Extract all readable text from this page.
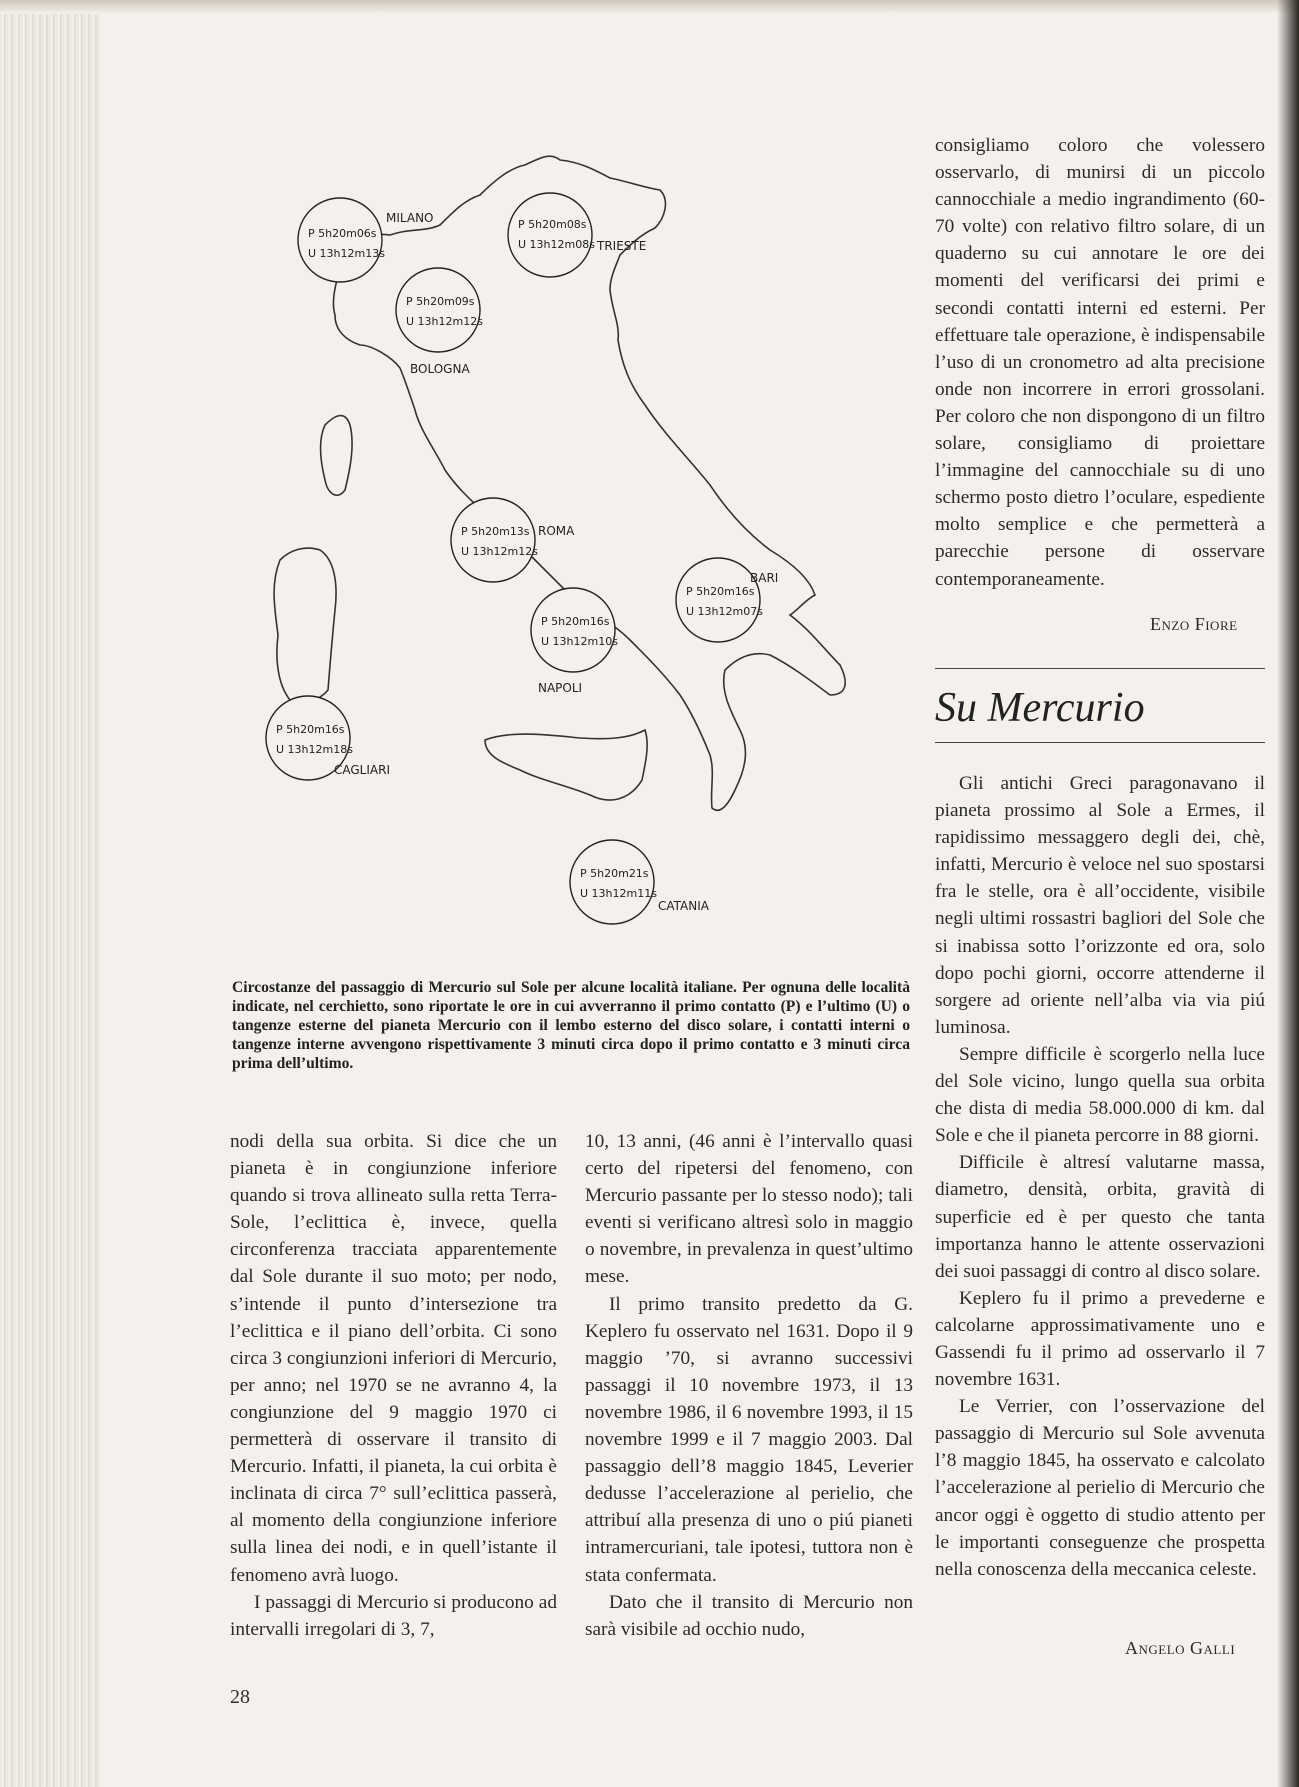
P 5h20m06s
U 13h12m13s
MILANO	P 5h20m08s
U 13h12m08s TRIESTE
P 5h20m09s
U 13h12m12s
BOLOGNA
P 5h20m13s
U 13h12m12s
ROMA
P 5h20m16s
U 13h12m07s
BARI
P 5h20m16s
U 13h12m10s
NAPOLI
P 5h20m16s
U 13h12m18s
CAGLIARI
P 5h20m21s
U 13h12m11s
CATANIA
Circostanze del passaggio di Mercurio sul Sole per alcune località italiane. Per ognuna delle località indicate, nel cerchietto, sono riportate le ore in cui avverranno il primo contatto (P) e l’ultimo (U) o tangenze esterne del pianeta Mercurio con il lembo esterno del disco solare, i contatti interni o tangenze interne avvengono rispettivamente 3 minuti circa dopo il primo contatto e 3 minuti circa prima dell’ultimo.

nodi della sua orbita. Si dice che un pianeta è in congiunzione inferiore quando si trova allineato sulla retta Terra-Sole, l’eclittica è, invece, quella circonferenza tracciata apparentemente dal Sole durante il suo moto; per nodo, s’intende il punto d’intersezione tra l’eclittica e il piano dell’orbita. Ci sono circa 3 congiunzioni inferiori di Mercurio, per anno; nel 1970 se ne avranno 4, la congiunzione del 9 maggio 1970 ci permetterà di osservare il transito di Mercurio. Infatti, il pianeta, la cui orbita è inclinata di circa 7° sull’eclittica passerà, al momento della congiunzione inferiore sulla linea dei nodi, e in quell’istante il fenomeno avrà luogo.

I passaggi di Mercurio si producono ad intervalli irregolari di 3, 7,

10, 13 anni, (46 anni è l’intervallo quasi certo del ripetersi del fenomeno, con Mercurio passante per lo stesso nodo); tali eventi si verificano altresì solo in maggio o novembre, in prevalenza in quest’ultimo mese.

Il primo transito predetto da G. Keplero fu osservato nel 1631. Dopo il 9 maggio ’70, si avranno successivi passaggi il 10 novembre 1973, il 13 novembre 1986, il 6 novembre 1993, il 15 novembre 1999 e il 7 maggio 2003. Dal passaggio dell’8 maggio 1845, Leverier dedusse l’accelerazione al perielio, che attribuí alla presenza di uno o piú pianeti intramercuriani, tale ipotesi, tuttora non è stata confermata.

Dato che il transito di Mercurio non sarà visibile ad occhio nudo,

consigliamo coloro che volessero osservarlo, di munirsi di un piccolo cannocchiale a medio ingrandimento (60-70 volte) con relativo filtro solare, di un quaderno su cui annotare le ore dei momenti del verificarsi dei primi e secondi contatti interni ed esterni. Per effettuare tale operazione, è indispensabile l’uso di un cronometro ad alta precisione onde non incorrere in errori grossolani. Per coloro che non dispongono di un filtro solare, consigliamo di proiettare l’immagine del cannocchiale su di uno schermo posto dietro l’oculare, espediente molto semplice e che permetterà a parecchie persone di osservare contemporaneamente.

Enzo Fiore
Su Mercurio

Gli antichi Greci paragonavano il pianeta prossimo al Sole a Ermes, il rapidissimo messaggero degli dei, chè, infatti, Mercurio è veloce nel suo spostarsi fra le stelle, ora è all’occidente, visibile negli ultimi rossastri bagliori del Sole che si inabissa sotto l’orizzonte ed ora, solo dopo pochi giorni, occorre attenderne il sorgere ad oriente nell’alba via via piú luminosa.

Sempre difficile è scorgerlo nella luce del Sole vicino, lungo quella sua orbita che dista di media 58.000.000 di km. dal Sole e che il pianeta percorre in 88 giorni.

Difficile è altresí valutarne massa, diametro, densità, orbita, gravità di superficie ed è per questo che tanta importanza hanno le attente osservazioni dei suoi passaggi di contro al disco solare.

Keplero fu il primo a prevederne e calcolarne approssimativamente uno e Gassendi fu il primo ad osservarlo il 7 novembre 1631.

Le Verrier, con l’osservazione del passaggio di Mercurio sul Sole avvenuta l’8 maggio 1845, ha osservato e calcolato l’accelerazione al perielio di Mercurio che ancor oggi è oggetto di studio attento per le importanti conseguenze che prospetta nella conoscenza della meccanica celeste.

Angelo Galli
28
